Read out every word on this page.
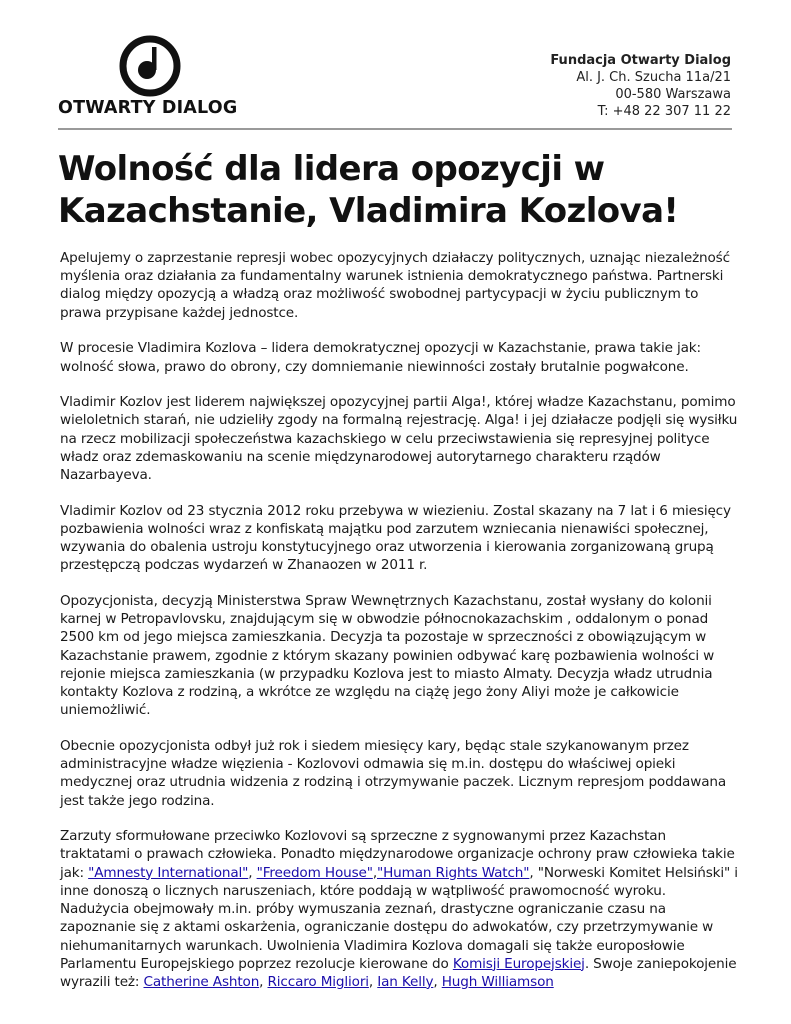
OTWARTY DIALOG
Fundacja Otwarty Dialog
Al. J. Ch. Szucha 11a/21
00-580 Warszawa
T: +48 22 307 11 22
Wolność dla lidera opozycji w Kazachstanie, Vladimira Kozlova!

Apelujemy o zaprzestanie represji wobec opozycyjnych działaczy politycznych, uznając niezależność myślenia oraz działania za fundamentalny warunek istnienia demokratycznego państwa. Partnerski dialog między opozycją a władzą oraz możliwość swobodnej partycypacji w życiu publicznym to prawa przypisane każdej jednostce.

W procesie Vladimira Kozlova – lidera demokratycznej opozycji w Kazachstanie, prawa takie jak: wolność słowa, prawo do obrony, czy domniemanie niewinności zostały brutalnie pogwałcone.

Vladimir Kozlov jest liderem największej opozycyjnej partii Alga!, której władze Kazachstanu, pomimo wieloletnich starań, nie udzieliły zgody na formalną rejestrację. Alga! i jej działacze podjęli się wysiłku na rzecz mobilizacji społeczeństwa kazachskiego w celu przeciwstawienia się represyjnej polityce władz oraz zdemaskowaniu na scenie międzynarodowej autorytarnego charakteru rządów Nazarbayeva.

Vladimir Kozlov od 23 stycznia 2012 roku przebywa w wiezieniu. Zostal skazany na 7 lat i 6 miesięcy pozbawienia wolności wraz z konfiskatą majątku pod zarzutem wzniecania nienawiści społecznej, wzywania do obalenia ustroju konstytucyjnego oraz utworzenia i kierowania zorganizowaną grupą przestępczą podczas wydarzeń w Zhanaozen w 2011 r.

Opozycjonista, decyzją Ministerstwa Spraw Wewnętrznych Kazachstanu, został wysłany do kolonii karnej w Petropavlovsku, znajdującym się w obwodzie północnokazachskim , oddalonym o ponad 2500 km od jego miejsca zamieszkania. Decyzja ta pozostaje w sprzeczności z obowiązującym w Kazachstanie prawem, zgodnie z którym skazany powinien odbywać karę pozbawienia wolności w rejonie miejsca zamieszkania (w przypadku Kozlova jest to miasto Almaty. Decyzja władz utrudnia kontakty Kozlova z rodziną, a wkrótce ze względu na ciążę jego żony Aliyi może je całkowicie uniemożliwić.

Obecnie opozycjonista odbył już rok i siedem miesięcy kary, będąc stale szykanowanym przez administracyjne władze więzienia - Kozlovovi odmawia się m.in. dostępu do właściwej opieki medycznej oraz utrudnia widzenia z rodziną i otrzymywanie paczek. Licznym represjom poddawana jest także jego rodzina.

Zarzuty sformułowane przeciwko Kozlovovi są sprzeczne z sygnowanymi przez Kazachstan traktatami o prawach człowieka. Ponadto międzynarodowe organizacje ochrony praw człowieka takie jak: "Amnesty International", "Freedom House","Human Rights Watch", "Norweski Komitet Helsiński" i inne donoszą o licznych naruszeniach, które poddają w wątpliwość prawomocność wyroku. Nadużycia obejmowały m.in. próby wymuszania zeznań, drastyczne ograniczanie czasu na zapoznanie się z aktami oskarżenia, ograniczanie dostępu do adwokatów, czy przetrzymywanie w niehumanitarnych warunkach. Uwolnienia Vladimira Kozlova domagali się także europosłowie Parlamentu Europejskiego poprzez rezolucje kierowane do Komisji Europejskiej. Swoje zaniepokojenie wyrazili też: Catherine Ashton, Riccaro Migliori, Ian Kelly, Hugh Williamson
